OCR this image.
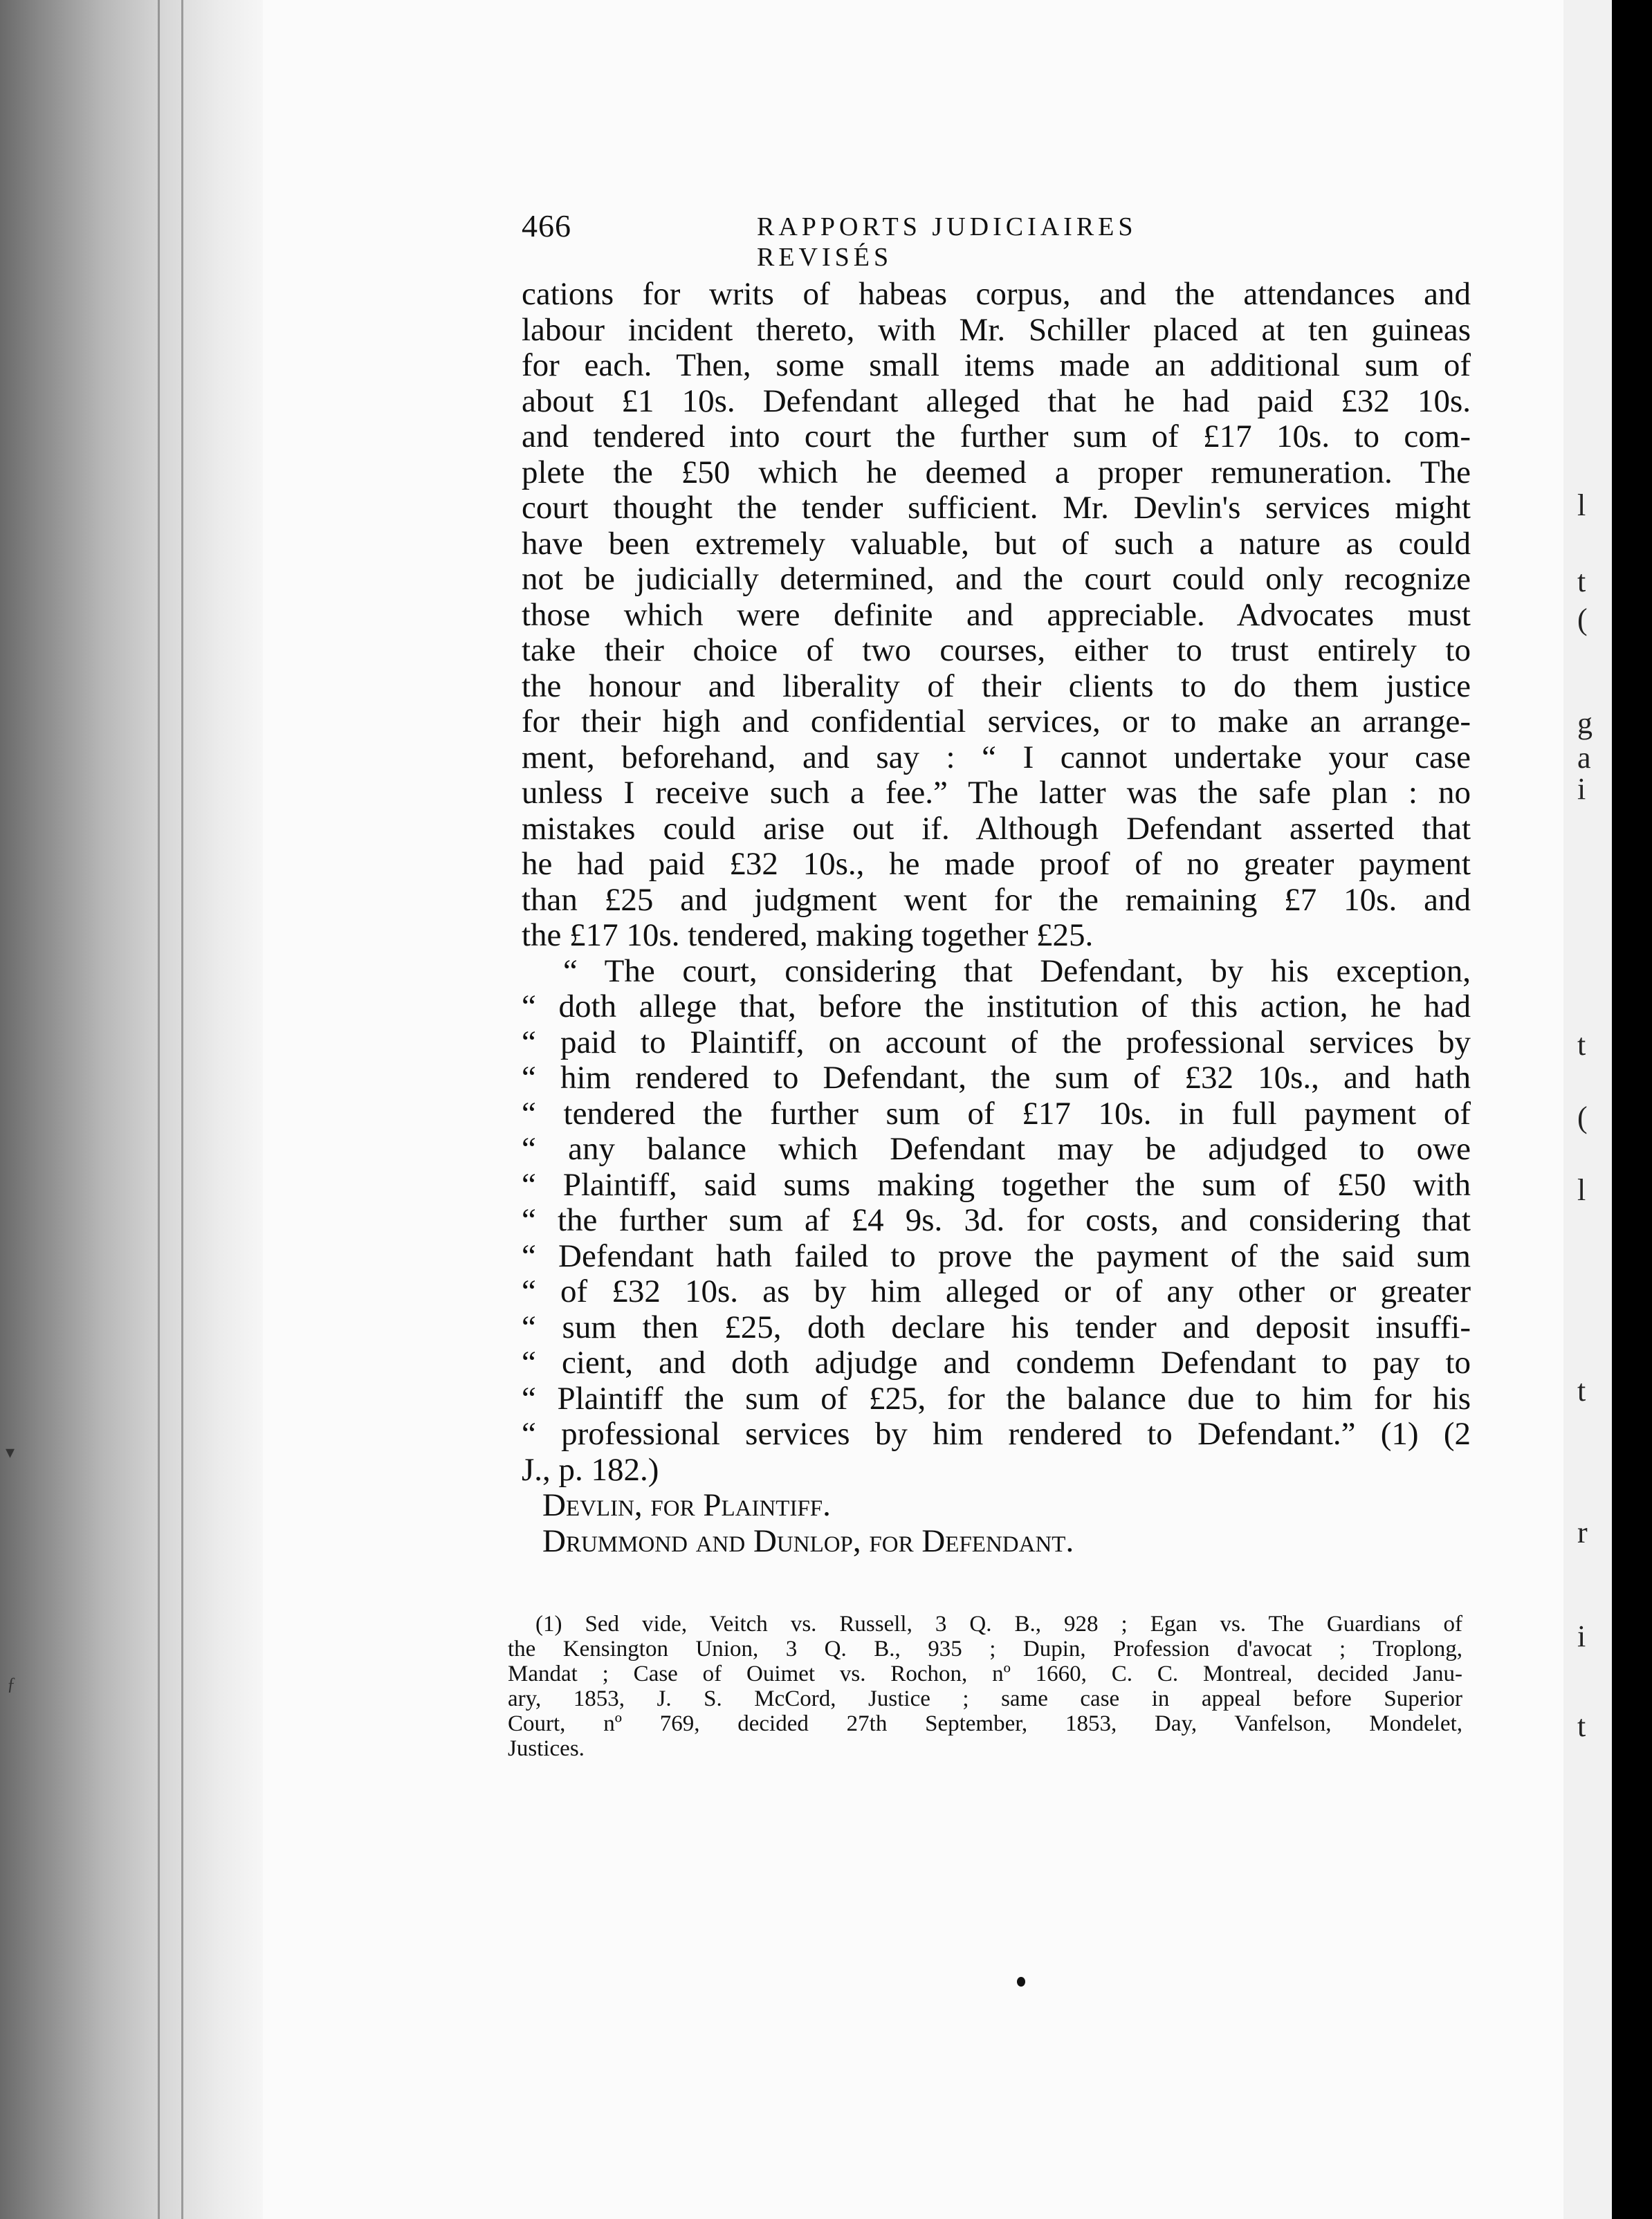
▾
ƒ
l
t
(
g
a
i
t
(
l
t
r
i
t
466	RAPPORTS JUDICIAIRES REVISÉS
cations for writs of habeas corpus, and the attendances and
labour incident thereto, with Mr. Schiller placed at ten guineas
for each. Then, some small items made an additional sum of
about £1 10s. Defendant alleged that he had paid £32 10s.
and tendered into court the further sum of £17 10s. to com-
plete the £50 which he deemed a proper remuneration. The
court thought the tender sufficient. Mr. Devlin's services might
have been extremely valuable, but of such a nature as could
not be judicially determined, and the court could only recognize
those which were definite and appreciable. Advocates must
take their choice of two courses, either to trust entirely to
the honour and liberality of their clients to do them justice
for their high and confidential services, or to make an arrange-
ment, beforehand, and say : “ I cannot undertake your case
unless I receive such a fee.” The latter was the safe plan : no
mistakes could arise out if. Although Defendant asserted that
he had paid £32 10s., he made proof of no greater payment
than £25 and judgment went for the remaining £7 10s. and
the £17 10s. tendered, making together £25.
“ The court, considering that Defendant, by his exception,
“ doth allege that, before the institution of this action, he had
“ paid to Plaintiff, on account of the professional services by
“ him rendered to Defendant, the sum of £32 10s., and hath
“ tendered the further sum of £17 10s. in full payment of
“ any balance which Defendant may be adjudged to owe
“ Plaintiff, said sums making together the sum of £50 with
“ the further sum af £4 9s. 3d. for costs, and considering that
“ Defendant hath failed to prove the payment of the said sum
“ of £32 10s. as by him alleged or of any other or greater
“ sum then £25, doth declare his tender and deposit insuffi-
“ cient, and doth adjudge and condemn Defendant to pay to
“ Plaintiff the sum of £25, for the balance due to him for his
“ professional services by him rendered to Defendant.” (1) (2
J., p. 182.)
Devlin, for Plaintiff.
Drummond and Dunlop, for Defendant.
(1) Sed vide, Veitch vs. Russell, 3 Q. B., 928 ; Egan vs. The Guardians of
the Kensington Union, 3 Q. B., 935 ; Dupin, Profession d'avocat ; Troplong,
Mandat ; Case of Ouimet vs. Rochon, nº 1660, C. C. Montreal, decided Janu-
ary, 1853, J. S. McCord, Justice ; same case in appeal before Superior
Court, nº 769, decided 27th September, 1853, Day, Vanfelson, Mondelet,
Justices.
